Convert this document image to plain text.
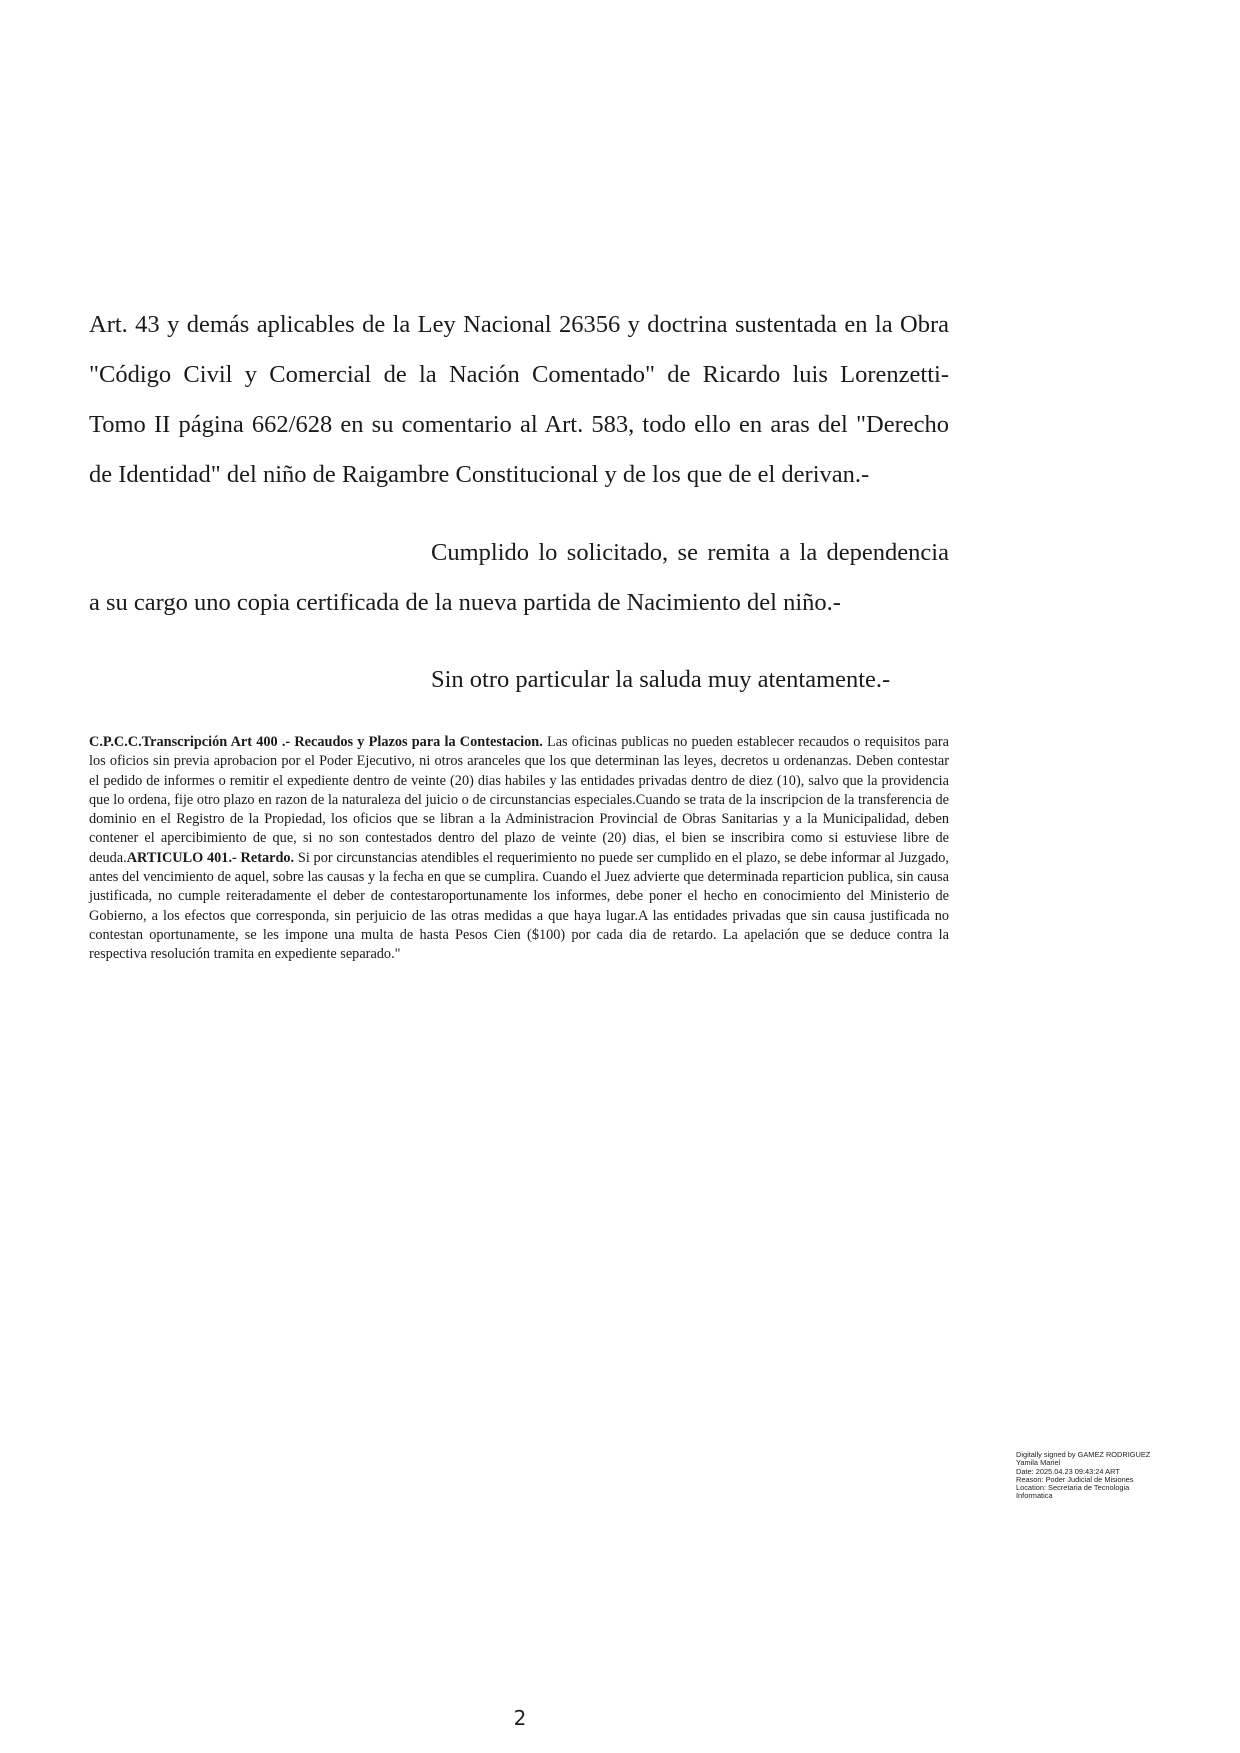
Art. 43 y demás aplicables de la Ley Nacional 26356 y doctrina sustentada en la Obra
"Código Civil y Comercial de la Nación Comentado" de Ricardo luis Lorenzetti-
Tomo II página 662/628 en su comentario al Art. 583, todo ello en aras del "Derecho
de Identidad" del niño de Raigambre Constitucional y de los que de el derivan.-
Cumplido lo solicitado, se remita a la dependencia
a su cargo uno copia certificada de la nueva partida de Nacimiento del niño.-
Sin otro particular la saluda muy atentamente.-
C.P.C.C.Transcripción Art 400 .- Recaudos y Plazos para la Contestacion. Las oficinas publicas no pueden establecer recaudos o requisitos para los oficios sin previa aprobacion por el Poder Ejecutivo, ni otros aranceles que los que determinan las leyes, decretos u ordenanzas. Deben contestar el pedido de informes o remitir el expediente dentro de veinte (20) dias habiles y las entidades privadas dentro de diez (10), salvo que la providencia que lo ordena, fije otro plazo en razon de la naturaleza del juicio o de circunstancias especiales.Cuando se trata de la inscripcion de la transferencia de dominio en el Registro de la Propiedad, los oficios que se libran a la Administracion Provincial de Obras Sanitarias y a la Municipalidad, deben contener el apercibimiento de que, si no son contestados dentro del plazo de veinte (20) dias, el bien se inscribira como si estuviese libre de deuda.ARTICULO 401.- Retardo. Si por circunstancias atendibles el requerimiento no puede ser cumplido en el plazo, se debe informar al Juzgado, antes del vencimiento de aquel, sobre las causas y la fecha en que se cumplira. Cuando el Juez advierte que determinada reparticion publica, sin causa justificada, no cumple reiteradamente el deber de contestaroportunamente los informes, debe poner el hecho en conocimiento del Ministerio de Gobierno, a los efectos que corresponda, sin perjuicio de las otras medidas a que haya lugar.A las entidades privadas que sin causa justificada no contestan oportunamente, se les impone una multa de hasta Pesos Cien ($100) por cada dia de retardo. La apelación que se deduce contra la respectiva resolución tramita en expediente separado."
Digitally signed by GAMEZ RODRIGUEZ
Yamila Mariel
Date: 2025.04.23 09:43:24 ART
Reason: Poder Judicial de Misiones
Location: Secretaria de Tecnologia
Informatica
2
